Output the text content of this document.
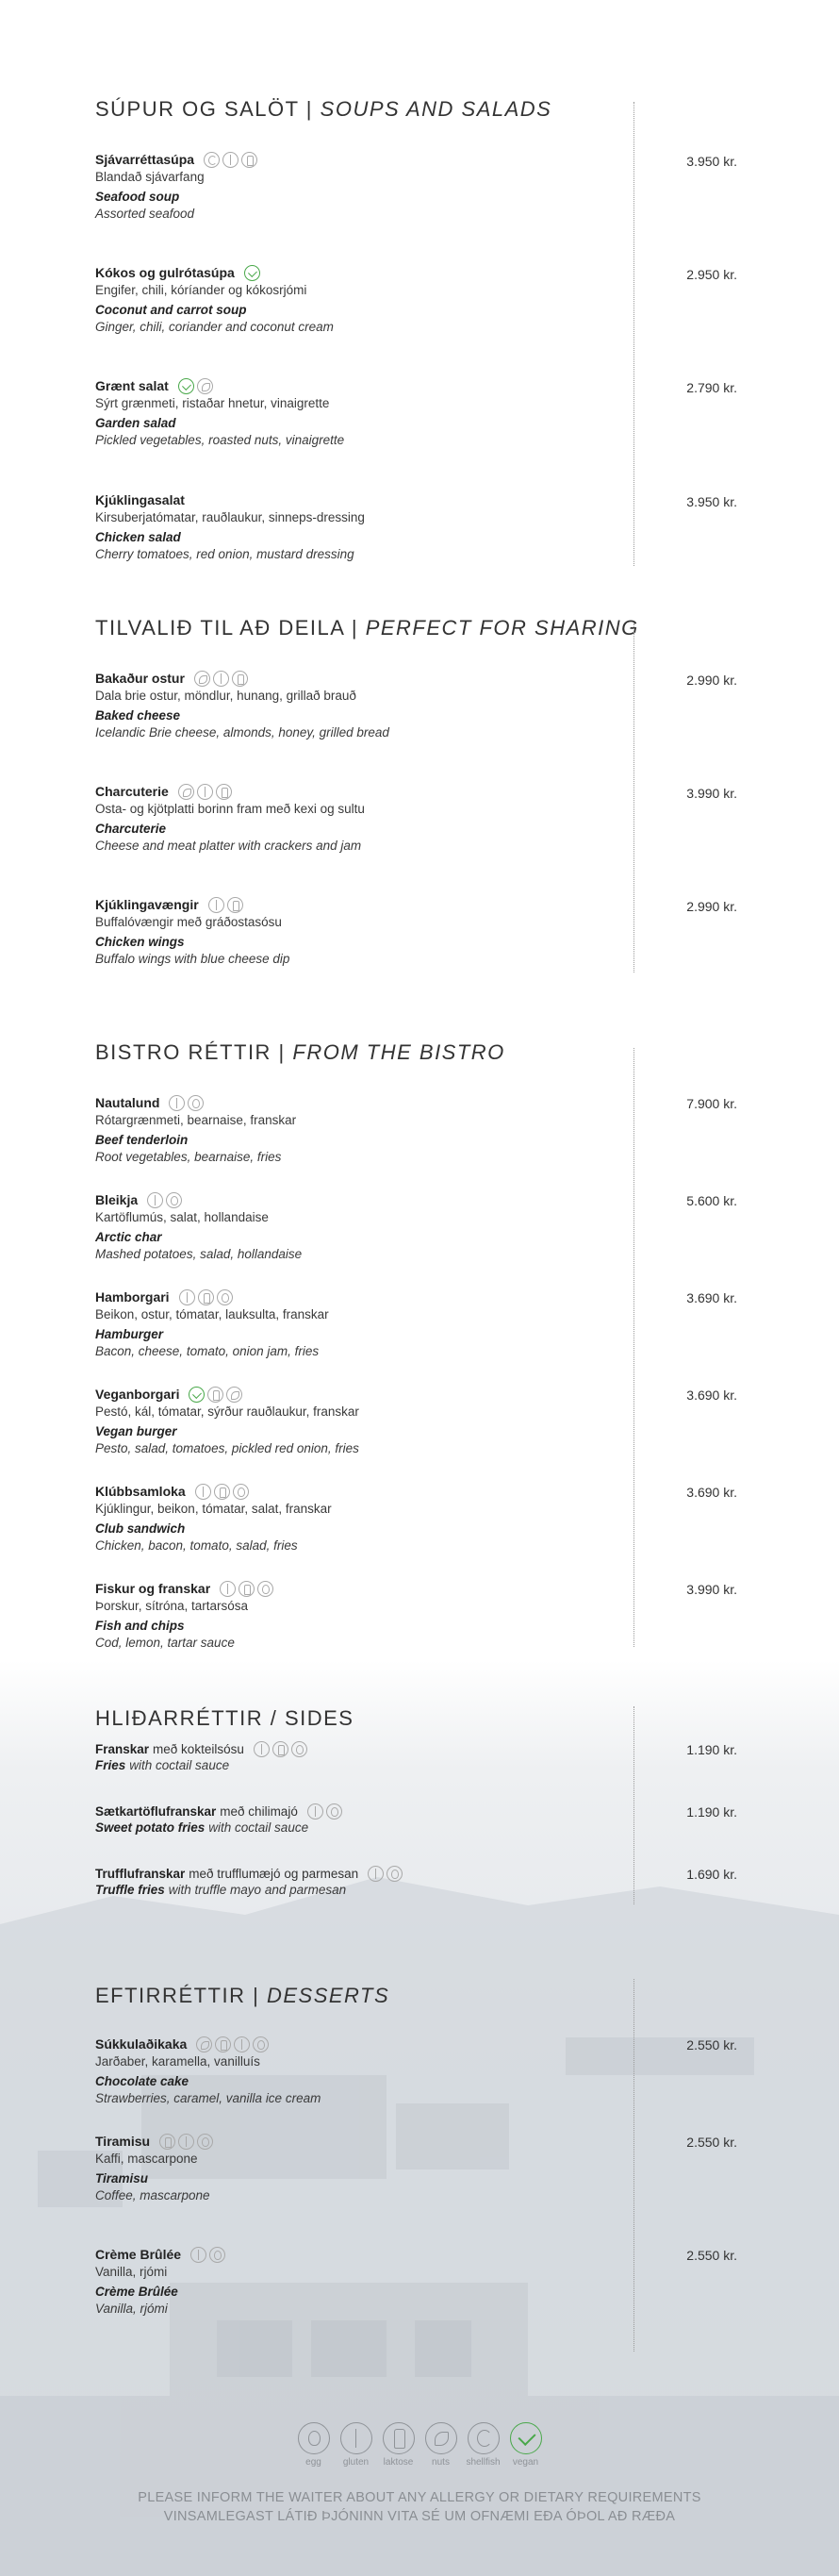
SÚPUR OG SALÖT | SOUPS AND SALADS
Sjávarréttasúpa
Blandað sjávarfang
Seafood soup
Assorted seafood
3.950 kr.
Kókos og gulrótasúpa
Engifer, chili, kóríander og kókosrjómi
Coconut and carrot soup
Ginger, chili, coriander and coconut cream
2.950 kr.
Grænt salat
Sýrt grænmeti, ristaðar hnetur, vinaigrette
Garden salad
Pickled vegetables, roasted nuts, vinaigrette
2.790 kr.
Kjúklingasalat
Kirsuberjatómatar, rauðlaukur, sinneps-dressing
Chicken salad
Cherry tomatoes, red onion, mustard dressing
3.950 kr.
TILVALIÐ TIL AÐ DEILA | PERFECT FOR SHARING
Bakaður ostur
Dala brie ostur, möndlur, hunang, grillað brauð
Baked cheese
Icelandic Brie cheese, almonds, honey, grilled bread
2.990 kr.
Charcuterie
Osta- og kjötplatti borinn fram með kexi og sultu
Charcuterie
Cheese and meat platter with crackers and jam
3.990 kr.
Kjúklingavængir
Buffalóvængir með gráðostasósu
Chicken wings
Buffalo wings with blue cheese dip
2.990 kr.
BISTRO RÉTTIR | FROM THE BISTRO
Nautalund
Rótargrænmeti, bearnaise, franskar
Beef tenderloin
Root vegetables, bearnaise, fries
7.900 kr.
Bleikja
Kartöflumús, salat, hollandaise
Arctic char
Mashed potatoes, salad, hollandaise
5.600 kr.
Hamborgari
Beikon, ostur, tómatar, lauksulta, franskar
Hamburger
Bacon, cheese, tomato, onion jam, fries
3.690 kr.
Veganborgari
Pestó, kál, tómatar, sýrður rauðlaukur, franskar
Vegan burger
Pesto, salad, tomatoes, pickled red onion, fries
3.690 kr.
Klúbbsamloka
Kjúklingur, beikon, tómatar, salat, franskar
Club sandwich
Chicken, bacon, tomato, salad, fries
3.690 kr.
Fiskur og franskar
Þorskur, sítróna, tartarsósa
Fish and chips
Cod, lemon, tartar sauce
3.990 kr.
HLIÐARRÉTTIR / SIDES
Franskar með kokteilsósu
Fries with coctail sauce
1.190 kr.
Sætkartöflufranskar með chilimajó
Sweet potato fries with coctail sauce
1.190 kr.
Trufflufranskar með trufflumæjó og parmesan
Truffle fries with truffle mayo and parmesan
1.690 kr.
EFTIRRÉTTIR | DESSERTS
Súkkulaðikaka
Jarðaber, karamella, vanilluís
Chocolate cake
Strawberries, caramel, vanilla ice cream
2.550 kr.
Tiramisu
Kaffi, mascarpone
Tiramisu
Coffee, mascarpone
2.550 kr.
Crème Brûlée
Vanilla, rjómi
Crème Brûlée
Vanilla, rjómi
2.550 kr.
egg gluten laktose nuts shellfish vegan
PLEASE INFORM THE WAITER ABOUT ANY ALLERGY OR DIETARY REQUIREMENTS
VINSAMLEGAST LÁTIÐ ÞJÓNINN VITA SÉ UM OFNÆMI EÐA ÓÞOL AÐ RÆÐA
